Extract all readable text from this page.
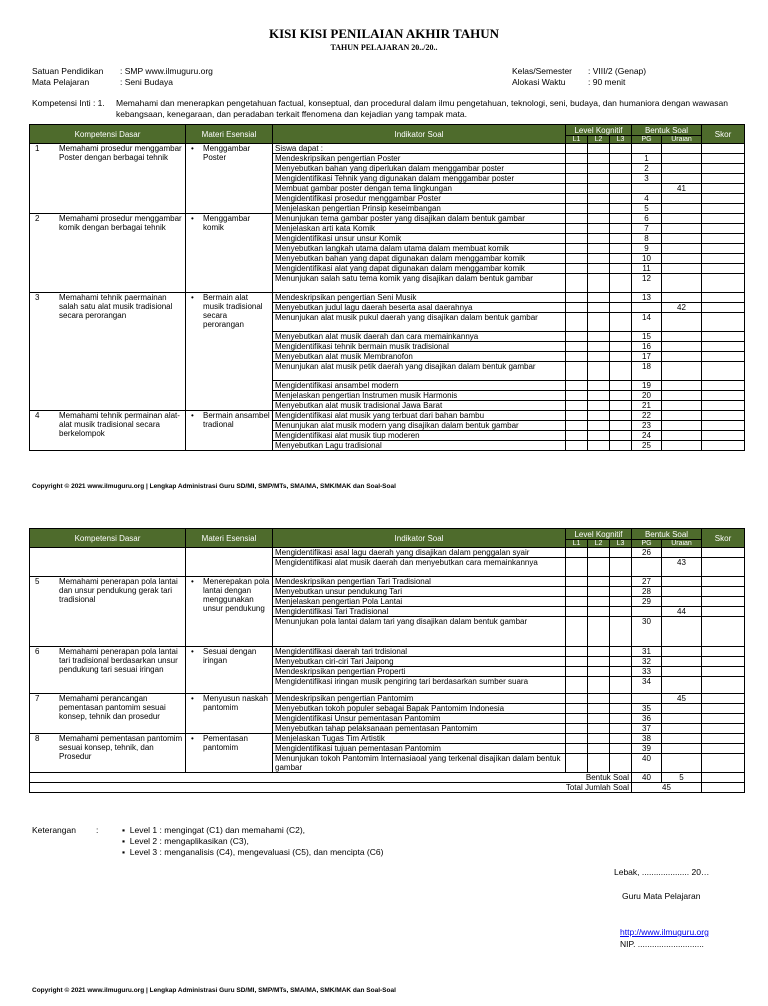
KISI KISI PENILAIAN AKHIR TAHUN
TAHUN PELAJARAN 20../20..
Satuan Pendidikan : SMP www.ilmuguru.org
Mata Pelajaran	: Seni Budaya
Kelas/Semester : VIII/2 (Genap)
Alokasi Waktu	: 90 menit
Kompetensi Inti : 1.	Memahami dan menerapkan pengetahuan factual, konseptual, dan procedural dalam ilmu pengetahuan, teknologi, seni, budaya, dan humaniora dengan wawasan kebangsaan, kenegaraan, dan peradaban terkait ffenomena dan kejadian yang tampak mata.
Kompetensi Dasar	Materi Esensial	Indikator Soal	Level Kognitif			Bentuk Soal		Skor
			L1	L2	L3	PG	Uraian	

1 Memahami prosedur menggambar Poster dengan berbagai tehnik	• Menggambar Poster	Siswa dapat :						
		Mendeskripsikan pengertian Poster				1		
		Menyebutkan bahan yang diperlukan dalam menggambar poster				2		
		Mengidentifikasi Tehnik yang digunakan dalam menggambar poster				3		
		Membuat gambar poster dengan tema lingkungan					41	
		Mengidentifikasi prosedur menggambar Poster				4		
		Menjelaskan pengertian Prinsip keseimbangan				5		

2 Memahami prosedur menggambar komik dengan berbagai tehnik	• Menggambar komik	Menunjukan tema gambar poster yang disajikan dalam bentuk gambar				6		
		Menjelaskan arti kata Komik				7		
		Mengidentifikasi unsur unsur Komik				8		
		Menyebutkan langkah utama dalam utama dalam membuat komik				9		
		Menyebutkan bahan yang dapat digunakan dalam menggambar komik				10		
		Mengidentifikasi alat yang dapat digunakan dalam menggambar komik				11		
		Menunjukan salah satu tema komik yang disajikan dalam bentuk gambar				12		

3 Memahami tehnik paermainan salah satu alat musik tradisional secara perorangan	• Bermain alat musik tradisional secara perorangan	Mendeskripsikan pengertian Seni Musik				13		
		Menyebutkan judul lagu daerah beserta asal daerahnya					42	
		Menunjukan alat musik pukul daerah yang disajikan dalam bentuk gambar				14		
		Menyebutkan alat musik daerah dan cara memainkannya				15		
		Mengidentifikasi tehnik bermain musik tradisional				16		
		Menyebutkan alat musik Membranofon				17		
		Menunjukan alat musik petik daerah yang disajikan dalam bentuk gambar				18		
		Mengidentifikasi ansambel modern				19		
		Menjelaskan pengertian Instrumen musik Harmonis				20		
		Menyebutkan alat musik tradisional Jawa Barat				21		

4 Memahami tehnik permainan alat-alat musik tradisional secara berkelompok	• Bermain ansambel tradional	Mengidentifikasi alat musik yang terbuat dari bahan bambu				22		
		Menunjukan alat musik modern yang disajikan dalam bentuk gambar				23		
		Mengidentifikasi alat musik tiup moderen				24		
		Menyebutkan Lagu tradisional				25		
Copyright © 2021 www.ilmuguru.org | Lengkap Administrasi Guru SD/MI, SMP/MTs, SMA/MA, SMK/MAK dan Soal-Soal
Kompetensi Dasar	Materi Esensial	Indikator Soal	Level Kognitif			Bentuk Soal		Skor
			L1	L2	L3	PG	Uraian	
		Mengidentifikasi asal lagu daerah yang disajikan dalam penggalan syair				26		
		Mengidentifikasi alat musik daerah dan menyebutkan cara memainkannya					43	

5 Memahami penerapan pola lantai dan unsur pendukung gerak tari tradisional	• Menerepakan pola lantai dengan menggunakan unsur pendukung	Mendeskripsikan pengertian Tari Tradisional				27		
		Menyebutkan unsur pendukung Tari				28		
		Menjelaskan pengertian Pola Lantai				29		
		Mengidentifikasi Tari Tradisional					44	
		Menunjukan pola lantai dalam tari yang disajikan dalam bentuk gambar				30		

6 Memahami penerapan pola lantai tari tradisional berdasarkan unsur pendukung tari sesuai iringan	• Sesuai dengan iringan	Mengidentifikasi daerah tari trdisional				31		
		Menyebutkan ciri-ciri Tari Jaipong				32		
		Mendeskripsikan pengertian Properti				33		
		Mengidentifikasi iringan musik pengiring tari berdasarkan sumber suara				34		

7 Memahami perancangan pementasan pantomim sesuai konsep, tehnik dan prosedur	• Menyusun naskah pantomim	Mendeskripsikan pengertian Pantomim					45	
		Menyebutkan tokoh populer sebagai Bapak Pantomim Indonesia				35		
		Mengidentifikasi Unsur pementasan Pantomim				36		
		Menyebutkan tahap pelaksanaan pementasan Pantomim				37		

8 Memahami pementasan pantomim sesuai konsep, tehnik, dan Prosedur	• Pementasan pantomim	Menjelaskan Tugas Tim Artistik				38		
		Mengidentifikasi tujuan pementasan Pantomim				39		
		Menunjukan tokoh Pantomim Internasiaoal yang terkenal disajikan dalam bentuk gambar				40		
Bentuk Soal						40	5	
Total Jumlah Soal						45		
Keterangan	:	▪  Level 1 : mengingat (C1) dan memahami (C2),
▪  Level 2 : mengaplikasikan (C3),
▪  Level 3 : menganalisis (C4), mengevaluasi (C5), dan mencipta (C6)
Lebak, .................... 20…
Guru Mata Pelajaran
http://www.ilmuguru.org
NIP. ............................
Copyright © 2021 www.ilmuguru.org | Lengkap Administrasi Guru SD/MI, SMP/MTs, SMA/MA, SMK/MAK dan Soal-Soal
